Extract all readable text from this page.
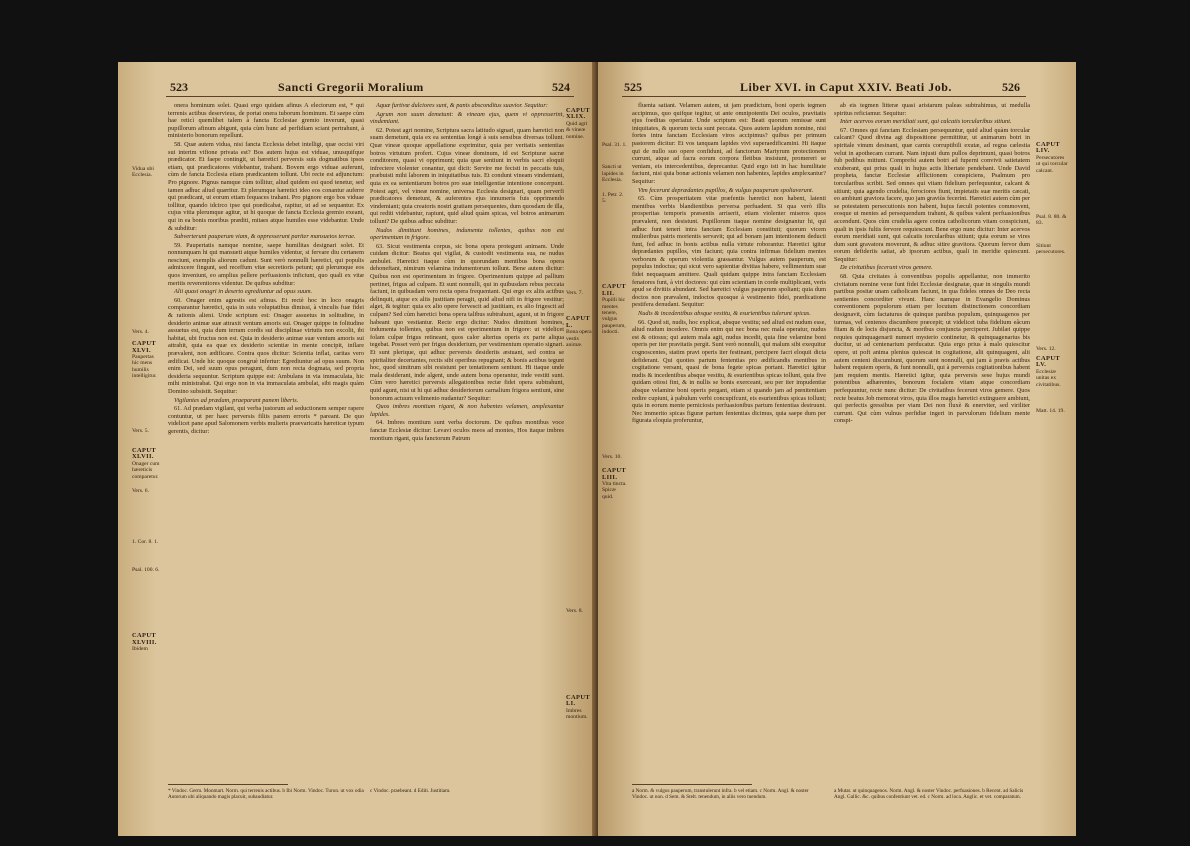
523	Sancti Gregorii Moralium	524
Vidua ubi Ecclesia.
Vers. 4.
CAPUT XLVI.
Paupertas hic mens humilis intelligitur.
Vers. 5.
CAPUT XLVII.
Onager cum hæreticis comparetur.
Vers. 6.
1. Cor. 8. 1.
Psal. 100. 6.
CAPUT XLVIII.
Ibidem

onera hominum solet. Quasi ergo quidam afinus A electorum est, * qui terrenis actibus deservieus, de portat onera tuborum hominum. Et saepe cùm hae reticì quemlibet talem à fancta Ecclesiae gremio inverunt, quasi pupillorum afinum abigunt, quia cùm hunc ad perfidiam sciant pertrahunt, à ministerio bonorum repellunt.

58. Quæ autem vidua, nisi fancta Ecclesia debet intelligi, quæ occisi viri sui interim vifione privata est? Bos autem hujus est viduae, unusquifque prædicator. Et faepe contingit, ut hæretici perversis suis dogmatibus ipsos etiam, qui prædicatores videbantur, trahant. Bovem ergo viduae auferunt, cùm de fancta Ecclesia etiam prædicantem tollunt. Ubi recte est adjunctum: Pro pignore. Pignus namque cùm tollitur, aliud quidem est quod tenetur, sed tamen adhuc aliud quæritur. Et plerumque hæretici ideo eos conantur auferre qui prædicant, ut eorum etiam fequaces trahant. Pro pignore ergo bos viduae tollitur, quando idcirco ipse qui prædicabat, rapitur, ut ad se sequantur. Ex cujus vitia plerumque agitur, ut hi quoque de fancta Ecclesia gremio exeant, qui in ea bonis moribus præditi, mitaes atque humiles esse videbantur. Unde & subditur:

Subverterunt pauperum viam, & oppresserunt pariter mansuetos terrae.

59. Paupertatis namque nomine, saepe humilitas designari solet. Et nonnunquam hi qui mansueti atque humiles videntur, si fervare diu certanem nesciunt, exemplis aliorum cadunt. Sunt verò nonnulli hæretici, qui populis admixcere fingunt, sed receffum vitæ secretioris petunt; qui plerumque eos quos inveniunt, eo amplius pellere perfuasionis inficiunt, quo quali ex vitæ meritis reverentiores videntur. De quibus subditur:

Alii quasi onagri in deserto egrediuntur ad opus suum.

60. Onager enim agrestis est afinus. Et rectè hoc in loco onagris comparantur hæretici, quia in suis voluptatibus dimissi, à vinculis fuæ fidei & rationis alieni. Unde scriptum est: Onager assuetus in solitudine, in desiderio animæ suæ attraxit ventum amoris sui. Onager quippe in folitudine assuetus est, quia dum terram cordis sui disciplinae virtutis non excolit, ibi habitat, ubi fructus non est. Quia in desiderio animæ suæ ventum amoris sui attrahit, quia ea quæ ex desiderio scientiæ in mente concipit, inflare prævalent, non ædificare. Contra quos dicitur: Scientia inflat, caritas vero ædificat. Unde hic quoque congruè infertur: Egrediuntur ad opus suum. Non enim Dei, sed suum opus peragunt, dum non recta dogmata, sed propria desideria sequuntur. Scriptum quippe est: Ambulans in via immaculata, hic mihi ministrabat. Qui ergo non in via immaculata ambulat, sibi magis quàm Domino subsistit. Sequitur:

Vigilantes ad prædam, praeparant panem liberis.

61. Ad prædam vigilant, qui verba justorum ad seductionem semper rapere contuntur, ut per haec perversis filiis panem erroris * pareant. De quo videlicet pane apud Salomonem verbis mulieris praevaricatis hæreticæ typum gerentis, dicitur:

Aquæ furtivæ dulciores sunt, & panis absconditus suavior. Sequitur:

Agrum non suum demetunt: & vineam ejus, quem vi oppresserint, vindemiant.

62. Potest agri nomine, Scriptura sacra latitudo signari, quam hæretici non suam demetunt, quia ex ea sententias longè à suis sensibus diversas tollunt. Quæ vineæ quoque appellatione exprimitur, quia per veritatis sententias botros virtutum profert. Cujus vineæ dominum, id est Scripturæ sacræ conditorem, quasi vi opprimunt; quia quæ sentiunt in verbis sacri eloquii infrectere violenter conantur, qui dicit: Servire me fecisti in peccatis tuis, præbuisti mihi laborem in iniquitatibus tuis. Et condunt vineam vindemiant, quia ex ea sententiarum botros pro suæ intelligentiæ intentione concerpunt. Potest agri, vel vineæ nomine, universa Ecclesia designari, quam perverfi prædicatores demetunt, & auferentes ejus innumeris fuis opprimendo vindemiant; quia creatoris nostri gratiam persequentes, dum quosdam de illa, qui rediti videbantur, rapiunt, quid aliud quàm spicas, vel botros animarum tollunt? De quibus adhuc subditur:

Nudos dimittunt homines, indumenta tollentes, quibus non est operimentum in frigore.

63. Sicut vestimenta corpus, sic bona opera protegunt animam. Unde cuidam dicitur: Beatus qui vigilat, & custodit vestimenta sua, ne nudus ambulet. Hæretici itaque cùm in quorundam mentibus bona opera dehoneftant, nimirum velamina indumentorum tollunt. Bene autem dicitur: Quibus non est operimentum in frigore. Operimentum quippe ad pallium pertinet, frigus ad culpam. Et sunt nonnulli, qui in quibusdam rebus peccata faciunt, in quibusdam vero recta opera frequentant. Qui ergo ex aliis actibus delinquit, atque ex aliis justitiam peragit, quid aliud nifi in frigore vestitur; alget, & tegitur: quia ex alio opere fervescit ad justitiam, ex alio frigescit ad culpam? Sed cùm hæretici bona opera talibus subtrahunt, agunt, ut in frigore habeant quo vestiantur. Recte ergo dicitur: Nudos dimittunt homines, indumenta tollentes, quibus non est operimentum in frigore: ut videlicet folam culpæ frigus retineant, quos calor alterius operis ex parte aliqua tegebat. Posset verò per frigus desiderium, per vestimentum operatio signari. Et sunt plerique, qui adhuc perversis desideriis æstuant, sed contra se spiritaliter decertantes, rectis sibi operibus repugnant; & bonis actibus tegunt hoc, quod simitrum sibi resistunt per tentationem sentiunt. Hi itaque unde mala desiderant, inde algent, unde autem bona operantur, inde vestiti sunt. Cùm vero hæretici perversis allegationibus rectæ fidei opera subtrahunt, quid agunt, nisi ut hi qui adhuc desideriorum carnalium frigora sentiunt, sine bonorum actuum velimento nudantur? Sequitur:

Quos imbres montium rigant, & non habentes velamen, amplexantur lapides.

64. Imbres montium sunt verba doctorum. De quibus montibus voce fanctæ Ecclesiæ dicitur: Levavi oculos meos ad montes, Hos itaque imbres montium rigant, quia fanctorum Patrum

CAPUT XLIX.
Quid agri & vineæ nomine.
Vers. 7.
CAPUT L.
Bona opera vestis animæ.
Vers. 8.
CAPUT LI.
Imbres montium.
* Vindoc. Germ. Monmart. Norm. qui terrenis actibus. b Ibi Norm. Vindoc. Turon. ut vox odia Autorum ubi aliquando magis placuit, subaudiatur.
c Vindoc. praebeant. d Editi. Justitiam.
525	Liber XVI. in Caput XXIV. Beati Job.	526
Psal. 31. 1.
Sancti ut lapides in Ecclesia.
1. Petr. 2. 5.
CAPUT LII.
Pupilli hic mentes tenere, vulgus pauperum, indocti.
Vers. 10.
CAPUT LIII.
Vita tincta. Spicæ quid.

fluenta satiant. Velamen autem, ut jam prædictum, boni operis tegmen accipimus, quo quifque tegitur, ut ante omnipotentis Dei oculos, pravitatis ejus foeditas operiatur. Unde scriptum est: Beati quorum remissæ sunt iniquitates, & quorum tecta sunt peccata. Quos autem lapidum nomine, nisi fortes intra fanctam Ecclesiam viros accipimus? quibus per primum pastorem dicitur: Et vos tanquam lapides vivi superaedificamini. Hi itaque qui de nullo suo opere confidunt, ad fanctorum Martyrum protectionem currunt, atque ad facra eorum corpora fletibus insistunt, promereri se veniam, eis intercedentibus, deprecantur. Quid ergo isti in hac humilitate faciunt, nisi quia bonæ actionis velamen non habentes, lapides amplexantur? Sequitur:

Vim fecerunt deprædantes pupillos, & vulgus pauperum spoliaverunt.

65. Cùm prosperitatem vitæ præfentis hæretici non habent, latenti mentibus verbis blandientibus perversa perfuadent. Si qua verò illis prosperitas temporis præsentis arriserit, etiam violenter miseros quos prævalent, non desistunt. Pupillorum itaque nomine designantur hi, qui adhuc funt tenerì intra fanctam Ecclesiam constituti; quorum vicem mulieribus patris morientis servavit; qui ad bonam jam intentionem deducti funt, fed adhuc in bonis actibus nulla virtute roborantur. Hæretici igitur deprædantes pupillos, vim faciunt; quia contra infirmas fidelium mentes verborum & operum violentia grassantur. Vulgus autem pauperum, est populus indoctus; qui sicut vero sapientiæ divitias habere, vellimentum suæ fidei nequaquam amittere. Quali quidam quippe intra fanctam Ecclesiam fenatores funt, à viri doctores: qui cùm scientiam in corde multiplicant, veris apud se divitiis abundant. Sed hæretici vulgus pauperum spoliant; quia dum doctos non prævalent, indoctos quosque à vestimento fidei, prædicatione pestifera denudant. Sequitur:

Nudis & incedentibus absque vestitu, & esurientibus tulerunt spicas.

66. Quod sit, nudis, hoc explicat, absque vestitu; sed aliud est nudum esse, aliud nudum incedere. Omnis enim qui nec bona nec mala operatur, nudus est & otiosus; qui autem mala agit, nudus incedit, quia fine velamine boni operis per iter pravitatis pergit. Sunt verò nonnulli, qui malum sibi exequitur cognoscentes, statim pravi operis iter festinant, percipere facri eloquii dicta defiderant. Qui quoties partum fententias pro ædificandis mentibus in cogitatione versant, quasi de bona fegete spicas portant. Hæretici igitur nudis & incedentibus absque vestitu, & esurientibus spicas tollunt, quia five quidam otiosi fint, & in nullis se bonis exerceant, seu per iter impudentiæ absque velamine boni operis pergant, etiam si quando jam ad pœnitentiam redire cupiunt, à pabulum verbi concupifcunt, eis esurientibus spicas tollunt; quia in eorum mente perniciosis perfuasionibus partum fententias destruunt. Nec immerito spicas figuræ partum fententias dicimus, quia saepe dum per figurata eloquia proferuntur,

ab eis tegmen litteræ quasi aristarum paleas subtrahimus, ut medulla spiritus reficiamur. Sequitur:

Inter acervos eorum meridiati sunt, qui calcatis torcularibus sitiunt.

67. Omnes qui fanctam Ecclesiam persequuntur, quid aliud quàm torcular calcant? Quod divina agi dispositione permittitur, ut animarum botri in spiritale vinum desinant, quæ carnis corruptibili exutæ, ad regna cælestia velut in apothecam currant. Nam injusti dum pullos deprimunt, quasi botros fub pedibus mittunt. Comprefsi autem botri ad fuperni convivii satietatem exuberant, qui prius quali in hujus actis libertate pendebant. Unde David propheta, fanctæ Ecclesiæ afflictionem conspiciens, Psalmum pro torcularibus scribit. Sed omnes qui vitam fidelium perfequuntur, calcant & sitiunt; quia agendo crudelia, ferociores fiunt, impietatis suæ meritis cæcati, eo ambiunt graviora facere, quo jam graviùs fecerint. Hæretici autem cùm per se potestatem persecutionis non habent, hujus fæculi potentes commovent, eosque ut mentes ad persequendum trahunt, & quibus valent perfuasionibus accendunt. Quos cùm crudelia agere contra catholicorum vitam conspiciunt, quali in ipsis fultis fervore requiescunt. Bene ergo nunc dicitur: Inter acervos eorum meridiati sunt, qui calcatis torcularibus sitiunt; quia eorum se vires dum sunt gravatora moverunt, & adhuc sitire gravitora. Quorum fervor dum eorum defideriis satiat, ab ipsorum actibus, quali in meridie quiescunt. Sequitur:

De civitatibus fecerunt viros gemere.

68. Quia civitates à conventibus populis appellantur, non immerito civitatum nomine veræ funt fidei Ecclesiæ designatæ, quæ in singulis mundi partibus positæ unam catholicam faciunt, in qua fideles omnes de Deo recta sentientes concorditer vivunt. Hanc namque in Evangelio Dominus conventionem populorum etiam per locutum distinctionem concordiam designavit, cùm factaturus de quinque panibus populum, quinquagenos per turmas, vel centenos discumbere præcepit; ut videlicet tuba fidelium eâcum fitam & de locis disjuncta, & moribus conjuncta perciperet. Jubilæi quippe requies quinquagenarii numeri mysterio continetur, & quinquagenarius bis ducitur, ut ad centenarium perducatur. Quia ergo prius à malo quiescitur opere, ut poft anima plenius quiescat in cogitatione, alii quinquageni, alii autem centeni discumbunt, quorum sunt nonnulli, qui jam à pravis actibus habent requiem operis, & funt nonnulli, qui à perversis cogitationibus habent jam requiem mentis. Hæretici igitur, quia perversis sese hujus mundi potentibus adhærentes, bonorum focialem vitam atque concordiam perfequuntur, recte nunc dicitur: De civitatibus fecerunt viros gemere. Quos recte beatus Job memorat viros, quia illos magis hæretici extinguere ambiunt, qui perfectis gressibus per viam Dei non fluxè & enerviter, sed viriliter currunt. Qui cùm vulnus perfidiæ ingeri in parvulorum fidelium mente conspi-

CAPUT LIV.
Persecutores ut qui torcular calcant.
Psal. 8. 80. & 83.
Sitiunt persecutores.
Vers. 12.
CAPUT LV.
Ecclesiæ unitas ex civitatibus.
Matt. 14. 19.
a Norm. & vulgus pauperum, transtulerunt infra. b vel etiam. c Norm. Angl. & noster Vindoc. ut non. d Sem. & Stelt. tenendum, in aliis vero tuendum.
a Mutat. ut quinquagenos. Norm. Angl. & noster Vindoc. perfuasiones. b Recent. ad Salicis Angl. Gallic. &c. quibus confentiunt vet. ed. c Norm. ad loca. Anglic. et vet. comparatum.
